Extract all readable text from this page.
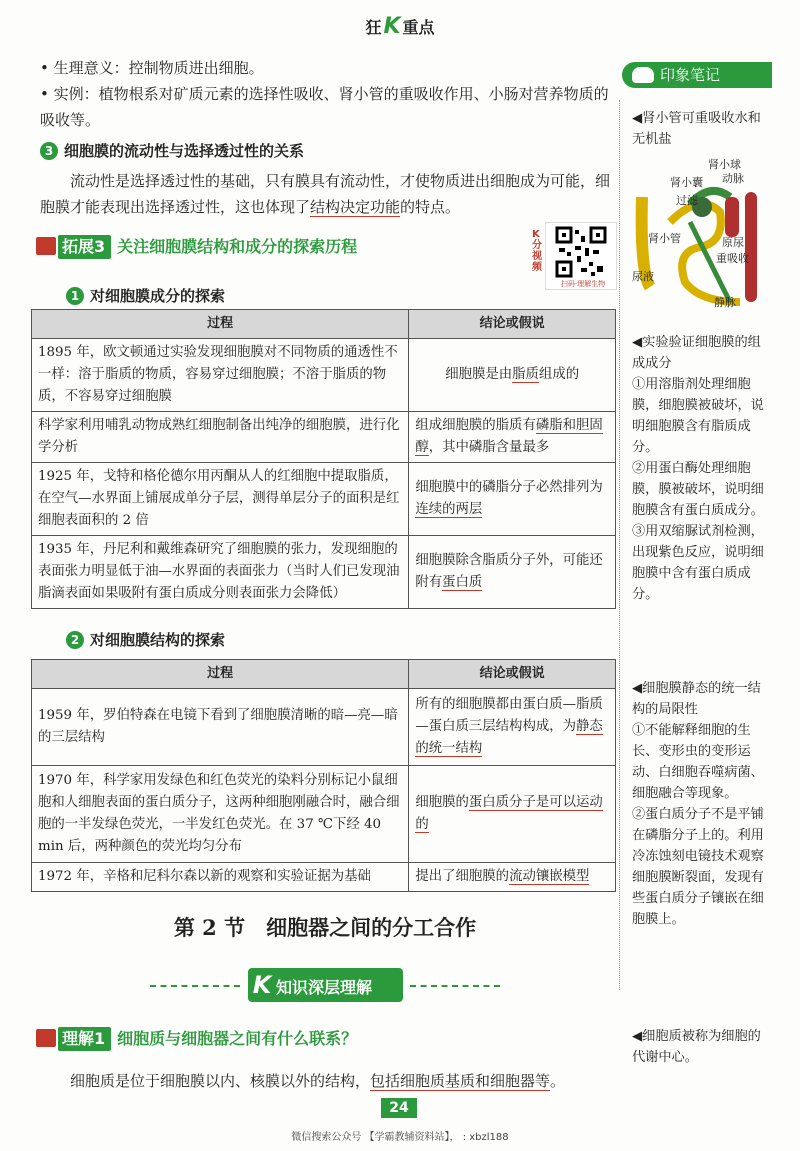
狂K 重点
• 生理意义：控制物质进出细胞。
• 实例：植物根系对矿质元素的选择性吸收、肾小管的重吸收作用、小肠对营养物质的吸收等。
3 细胞膜的流动性与选择透过性的关系
流动性是选择透过性的基础，只有膜具有流动性，才使物质进出细胞成为可能，细胞膜才能表现出选择透过性，这也体现了结构决定功能的特点。
拓展3 关注细胞膜结构和成分的探索历程
K分视频
扫码·理解生物
1 对细胞膜成分的探索
过程	结论或假说
1895 年，欧文顿通过实验发现细胞膜对不同物质的通透性不一样：溶于脂质的物质，容易穿过细胞膜；不溶于脂质的物质，不容易穿过细胞膜	细胞膜是由脂质组成的
科学家利用哺乳动物成熟红细胞制备出纯净的细胞膜，进行化学分析	组成细胞膜的脂质有磷脂和胆固醇，其中磷脂含量最多
1925 年，戈特和格伦德尔用丙酮从人的红细胞中提取脂质，在空气—水界面上铺展成单分子层，测得单层分子的面积是红细胞表面积的 2 倍	细胞膜中的磷脂分子必然排列为连续的两层
1935 年，丹尼利和戴维森研究了细胞膜的张力，发现细胞的表面张力明显低于油—水界面的表面张力（当时人们已发现油脂滴表面如果吸附有蛋白质成分则表面张力会降低）	细胞膜除含脂质分子外，可能还附有蛋白质
2 对细胞膜结构的探索
过程	结论或假说
1959 年，罗伯特森在电镜下看到了细胞膜清晰的暗—亮—暗的三层结构	所有的细胞膜都由蛋白质—脂质—蛋白质三层结构构成，为静态的统一结构
1970 年，科学家用发绿色和红色荧光的染料分别标记小鼠细胞和人细胞表面的蛋白质分子，这两种细胞刚融合时，融合细胞的一半发绿色荧光，一半发红色荧光。在 37 ℃下经 40 min 后，两种颜色的荧光均匀分布	细胞膜的蛋白质分子是可以运动的
1972 年，辛格和尼科尔森以新的观察和实验证据为基础	提出了细胞膜的流动镶嵌模型
第 2 节　细胞器之间的分工合作
K知识深层理解
理解1 细胞质与细胞器之间有什么联系？
细胞质是位于细胞膜以内、核膜以外的结构，包括细胞质基质和细胞器等。
印象笔记
◀肾小管可重吸收水和无机盐
肾小球
动脉
肾小囊
过滤
肾小管	原尿
重吸收
尿液
静脉
◀实验验证细胞膜的组成成分
①用溶脂剂处理细胞膜，细胞膜被破坏，说明细胞膜含有脂质成分。
②用蛋白酶处理细胞膜，膜被破坏，说明细胞膜含有蛋白质成分。
③用双缩脲试剂检测，出现紫色反应，说明细胞膜中含有蛋白质成分。
◀细胞膜静态的统一结构的局限性
①不能解释细胞的生长、变形虫的变形运动、白细胞吞噬病菌、细胞融合等现象。
②蛋白质分子不是平铺在磷脂分子上的。利用冷冻蚀刻电镜技术观察细胞膜断裂面，发现有些蛋白质分子镶嵌在细胞膜上。
◀细胞质被称为细胞的代谢中心。
24
微信搜索公众号 【学霸教辅资料站】， : xbzl188
